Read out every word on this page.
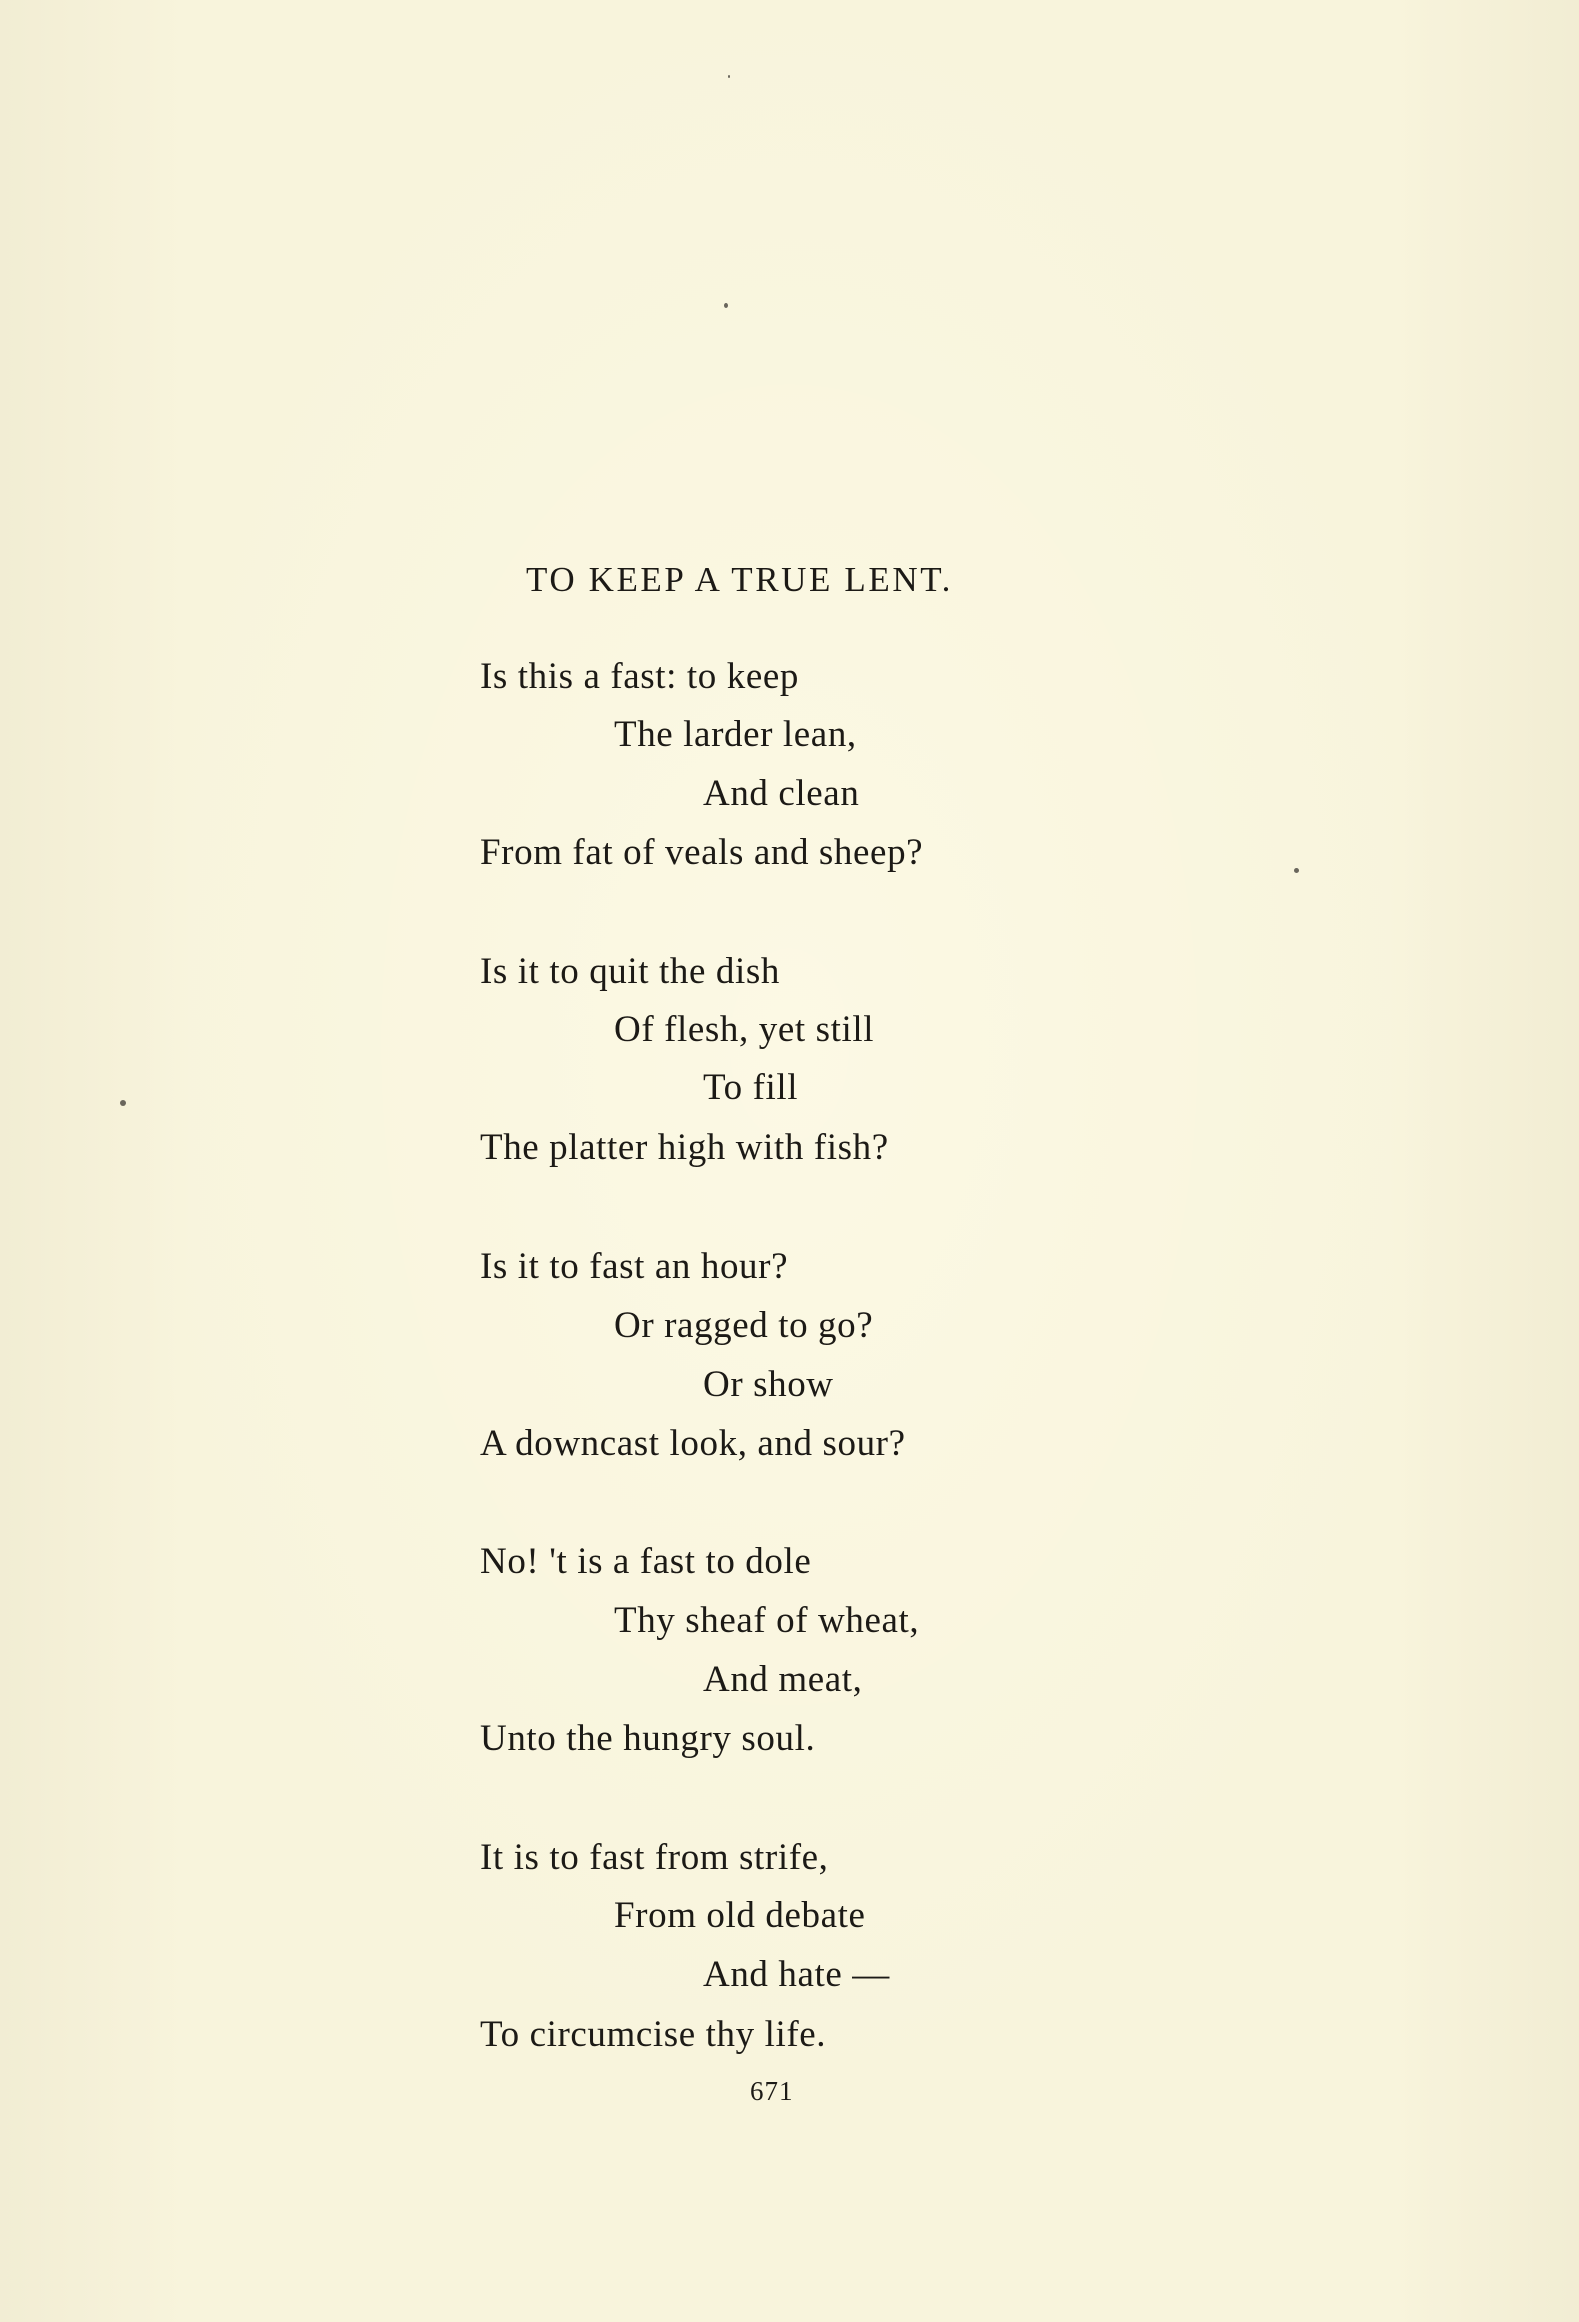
TO KEEP A TRUE LENT.
Is this a fast: to keep
The larder lean,
And clean
From fat of veals and sheep?
Is it to quit the dish
Of flesh, yet still
To fill
The platter high with fish?
Is it to fast an hour?
Or ragged to go?
Or show
A downcast look, and sour?
No! 't is a fast to dole
Thy sheaf of wheat,
And meat,
Unto the hungry soul.
It is to fast from strife,
From old debate
And hate —
To circumcise thy life.
671
